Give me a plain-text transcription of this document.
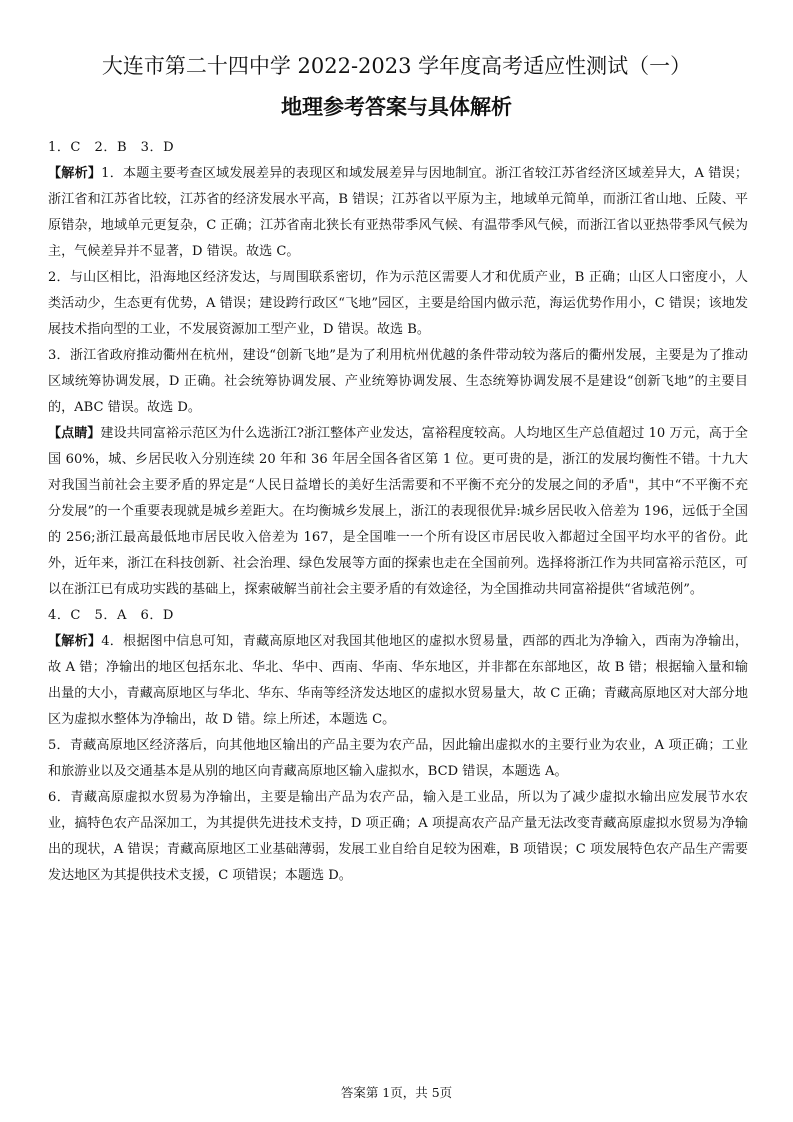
大连市第二十四中学 2022-2023 学年度高考适应性测试（一）
地理参考答案与具体解析

1．C　2．B　3．D

【解析】1．本题主要考查区域发展差异的表现区和域发展差异与因地制宜。浙江省较江苏省经济区域差异大，A 错误；浙江省和江苏省比较，江苏省的经济发展水平高，B 错误；江苏省以平原为主，地域单元简单，而浙江省山地、丘陵、平原错杂，地域单元更复杂，C 正确；江苏省南北狭长有亚热带季风气候、有温带季风气候，而浙江省以亚热带季风气候为主，气候差异并不显著，D 错误。故选 C。

2．与山区相比，沿海地区经济发达，与周围联系密切，作为示范区需要人才和优质产业，B 正确；山区人口密度小，人类活动少，生态更有优势，A 错误；建设跨行政区“飞地”园区，主要是给国内做示范，海运优势作用小，C 错误；该地发展技术指向型的工业，不发展资源加工型产业，D 错误。故选 B。

3．浙江省政府推动衢州在杭州，建设“创新飞地”是为了利用杭州优越的条件带动较为落后的衢州发展，主要是为了推动区域统筹协调发展，D 正确。社会统筹协调发展、产业统筹协调发展、生态统筹协调发展不是建设“创新飞地”的主要目的，ABC 错误。故选 D。

【点睛】建设共同富裕示范区为什么选浙江?浙江整体产业发达，富裕程度较高。人均地区生产总值超过 10 万元，高于全国 60%，城、乡居民收入分别连续 20 年和 36 年居全国各省区第 1 位。更可贵的是，浙江的发展均衡性不错。十九大对我国当前社会主要矛盾的界定是“人民日益增长的美好生活需要和不平衡不充分的发展之间的矛盾"，其中“不平衡不充分发展”的一个重要表现就是城乡差距大。在均衡城乡发展上，浙江的表现很优异:城乡居民收入倍差为 196，远低于全国的 256;浙江最高最低地市居民收入倍差为 167，是全国唯一一个所有设区市居民收入都超过全国平均水平的省份。此外，近年来，浙江在科技创新、社会治理、绿色发展等方面的探索也走在全国前列。选择将浙江作为共同富裕示范区，可以在浙江已有成功实践的基础上，探索破解当前社会主要矛盾的有效途径，为全国推动共同富裕提供“省域范例”。

4．C　5．A　6．D

【解析】4．根据图中信息可知，青藏高原地区对我国其他地区的虚拟水贸易量，西部的西北为净输入，西南为净输出，故 A 错；净输出的地区包括东北、华北、华中、西南、华南、华东地区，并非都在东部地区，故 B 错；根据输入量和输出量的大小，青藏高原地区与华北、华东、华南等经济发达地区的虚拟水贸易量大，故 C 正确；青藏高原地区对大部分地区为虚拟水整体为净输出，故 D 错。综上所述，本题选 C。

5．青藏高原地区经济落后，向其他地区输出的产品主要为农产品，因此输出虚拟水的主要行业为农业，A 项正确；工业和旅游业以及交通基本是从别的地区向青藏高原地区输入虚拟水，BCD 错误，本题选 A。

6．青藏高原虚拟水贸易为净输出，主要是输出产品为农产品，输入是工业品，所以为了减少虚拟水输出应发展节水农业，搞特色农产品深加工，为其提供先进技术支持，D 项正确；A 项提高农产品产量无法改变青藏高原虚拟水贸易为净输出的现状，A 错误；青藏高原地区工业基础薄弱，发展工业自给自足较为困难，B 项错误；C 项发展特色农产品生产需要发达地区为其提供技术支援，C 项错误；本题选 D。

答案第 1页，共 5页
